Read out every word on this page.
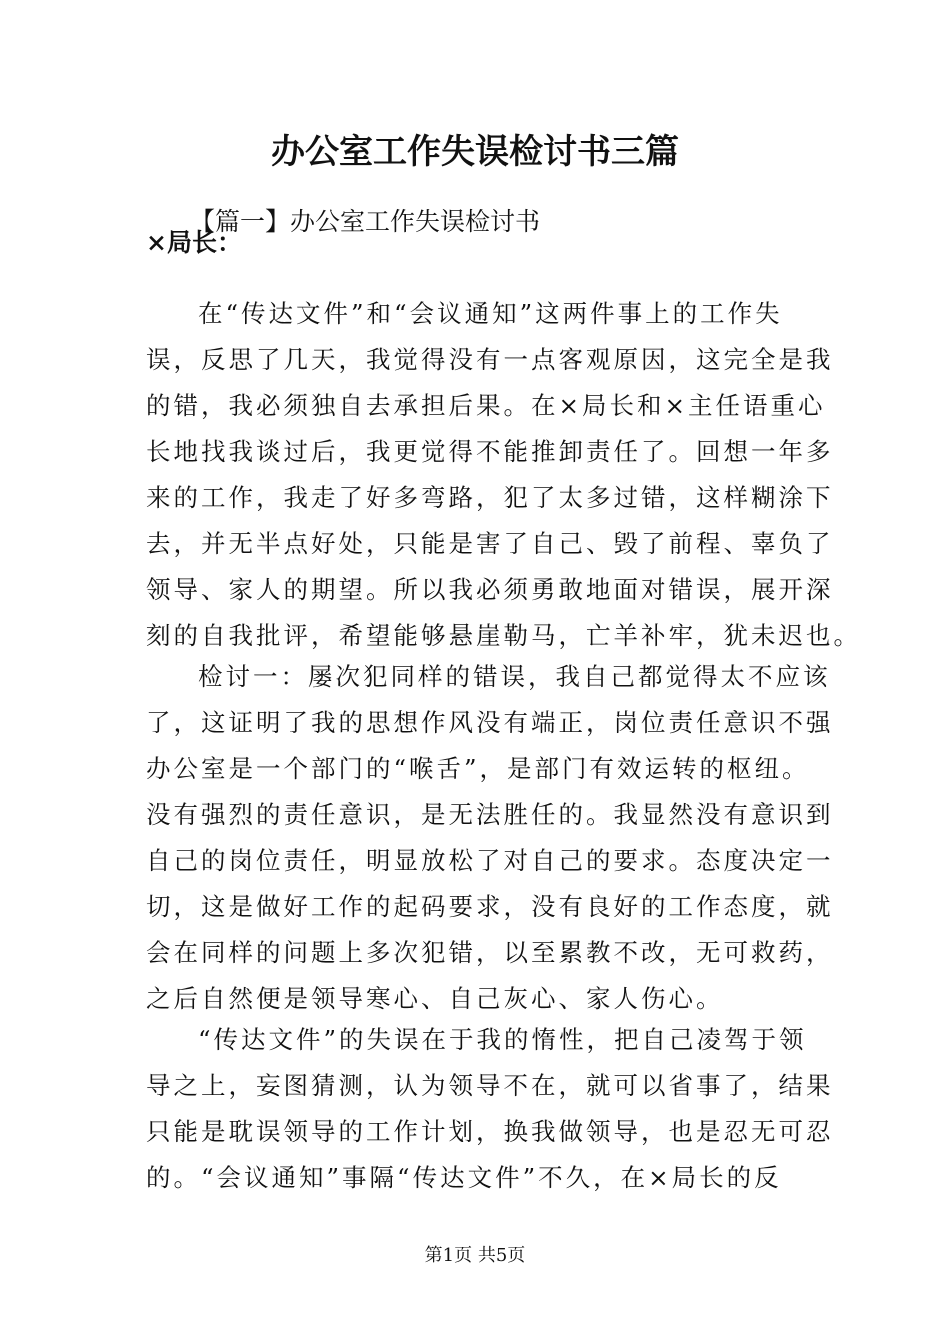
办公室工作失误检讨书三篇
【篇一】办公室工作失误检讨书
×局长：
在“传达文件”和“会议通知”这两件事上的工作失
误，反思了几天，我觉得没有一点客观原因，这完全是我
的错，我必须独自去承担后果。在×局长和×主任语重心
长地找我谈过后，我更觉得不能推卸责任了。回想一年多
来的工作，我走了好多弯路，犯了太多过错，这样糊涂下
去，并无半点好处，只能是害了自己、毁了前程、辜负了
领导、家人的期望。所以我必须勇敢地面对错误，展开深
刻的自我批评，希望能够悬崖勒马，亡羊补牢，犹未迟也。
检讨一：屡次犯同样的错误，我自己都觉得太不应该
了，这证明了我的思想作风没有端正，岗位责任意识不强
办公室是一个部门的“喉舌”，是部门有效运转的枢纽。
没有强烈的责任意识，是无法胜任的。我显然没有意识到
自己的岗位责任，明显放松了对自己的要求。态度决定一
切，这是做好工作的起码要求，没有良好的工作态度，就
会在同样的问题上多次犯错，以至累教不改，无可救药，
之后自然便是领导寒心、自己灰心、家人伤心。
“传达文件”的失误在于我的惰性，把自己凌驾于领
导之上，妄图猜测，认为领导不在，就可以省事了，结果
只能是耽误领导的工作计划，换我做领导，也是忍无可忍
的。“会议通知”事隔“传达文件”不久，在×局长的反
第1页 共5页
